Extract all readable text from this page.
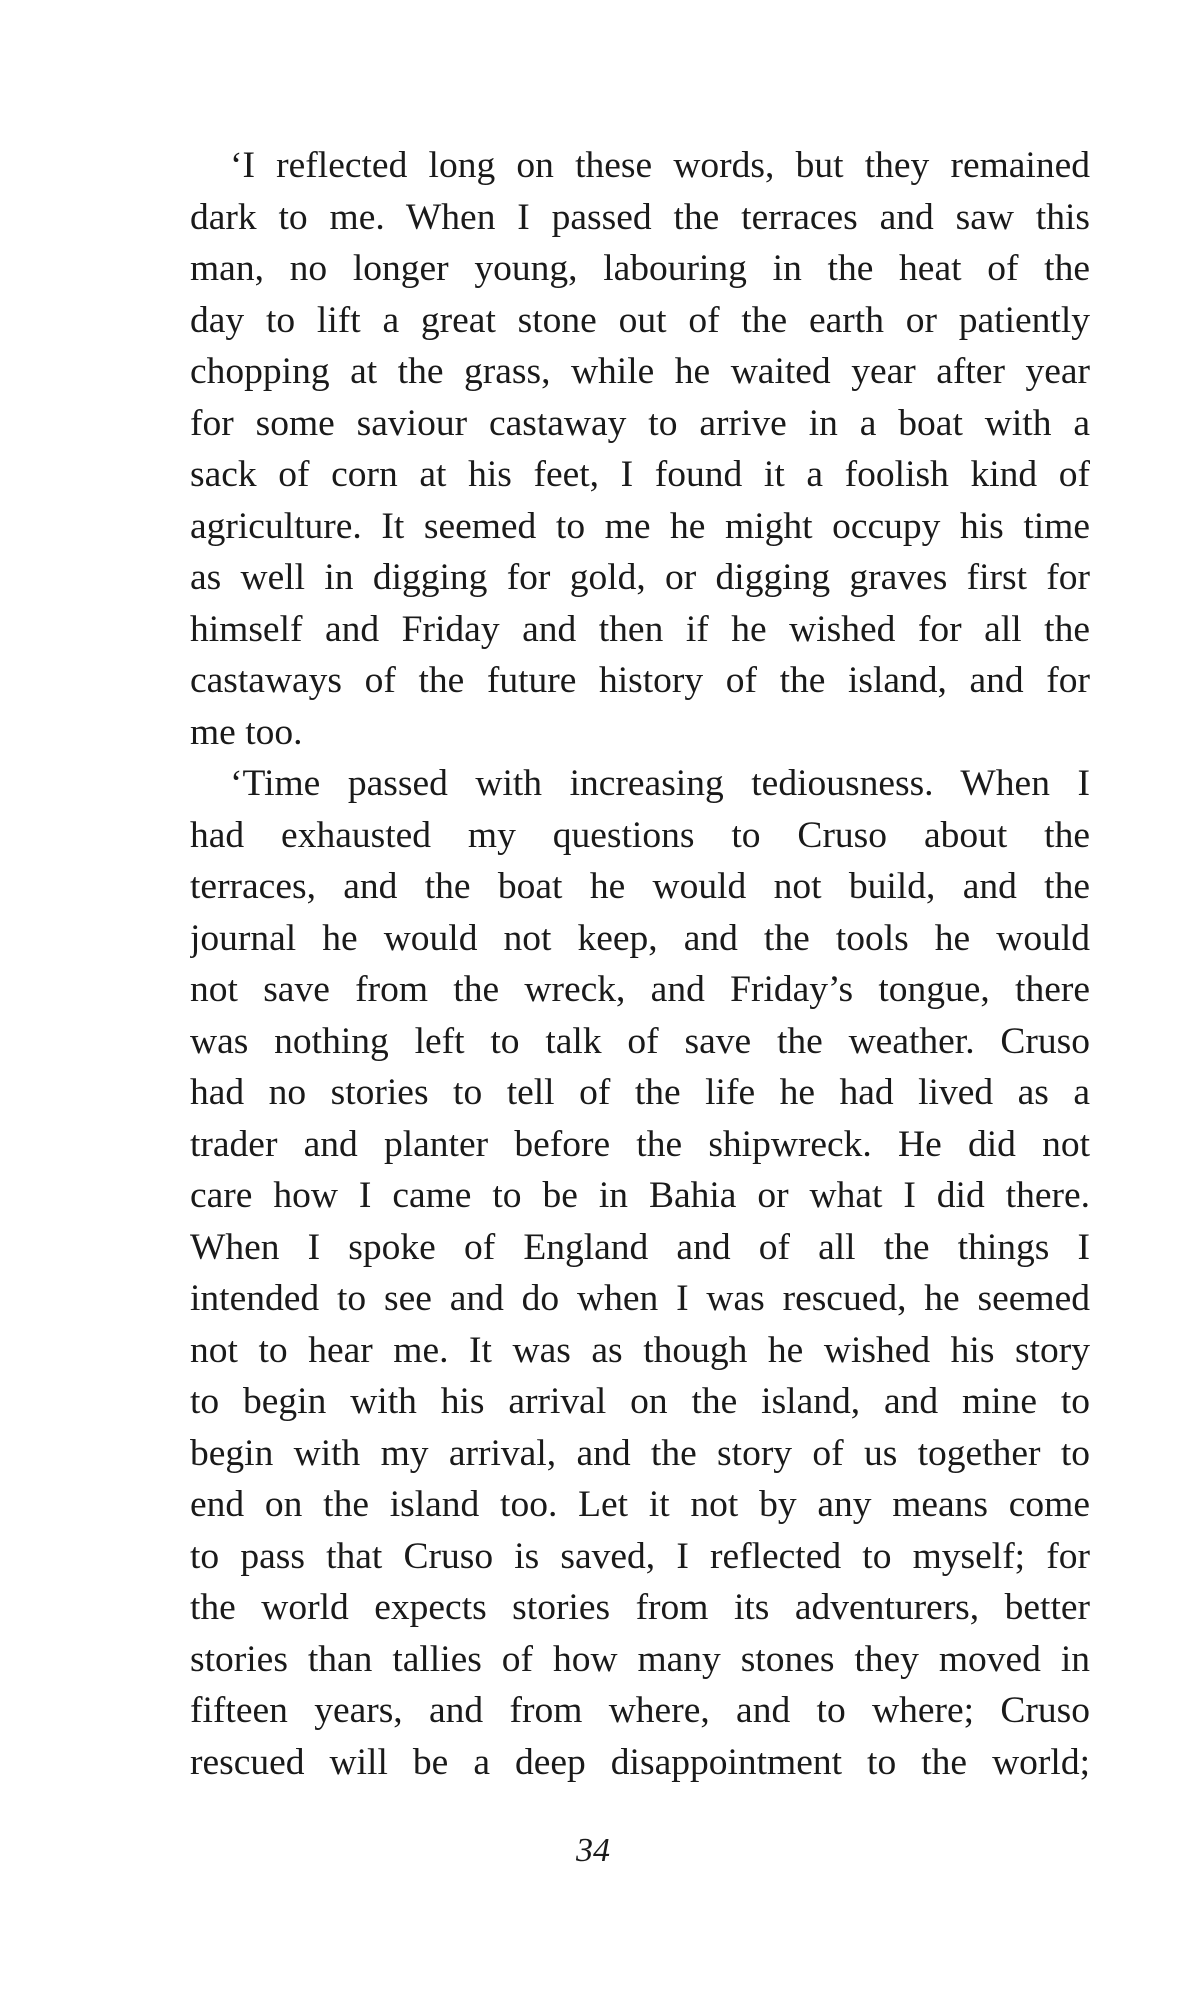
‘I reflected long on these words, but they remained
dark to me. When I passed the terraces and saw this
man, no longer young, labouring in the heat of the
day to lift a great stone out of the earth or patiently
chopping at the grass, while he waited year after year
for some saviour castaway to arrive in a boat with a
sack of corn at his feet, I found it a foolish kind of
agriculture. It seemed to me he might occupy his time
as well in digging for gold, or digging graves first for
himself and Friday and then if he wished for all the
castaways of the future history of the island, and for
me too.
‘Time passed with increasing tediousness. When I
had exhausted my questions to Cruso about the
terraces, and the boat he would not build, and the
journal he would not keep, and the tools he would
not save from the wreck, and Friday’s tongue, there
was nothing left to talk of save the weather. Cruso
had no stories to tell of the life he had lived as a
trader and planter before the shipwreck. He did not
care how I came to be in Bahia or what I did there.
When I spoke of England and of all the things I
intended to see and do when I was rescued, he seemed
not to hear me. It was as though he wished his story
to begin with his arrival on the island, and mine to
begin with my arrival, and the story of us together to
end on the island too. Let it not by any means come
to pass that Cruso is saved, I reflected to myself; for
the world expects stories from its adventurers, better
stories than tallies of how many stones they moved in
fifteen years, and from where, and to where; Cruso
rescued will be a deep disappointment to the world;
34
